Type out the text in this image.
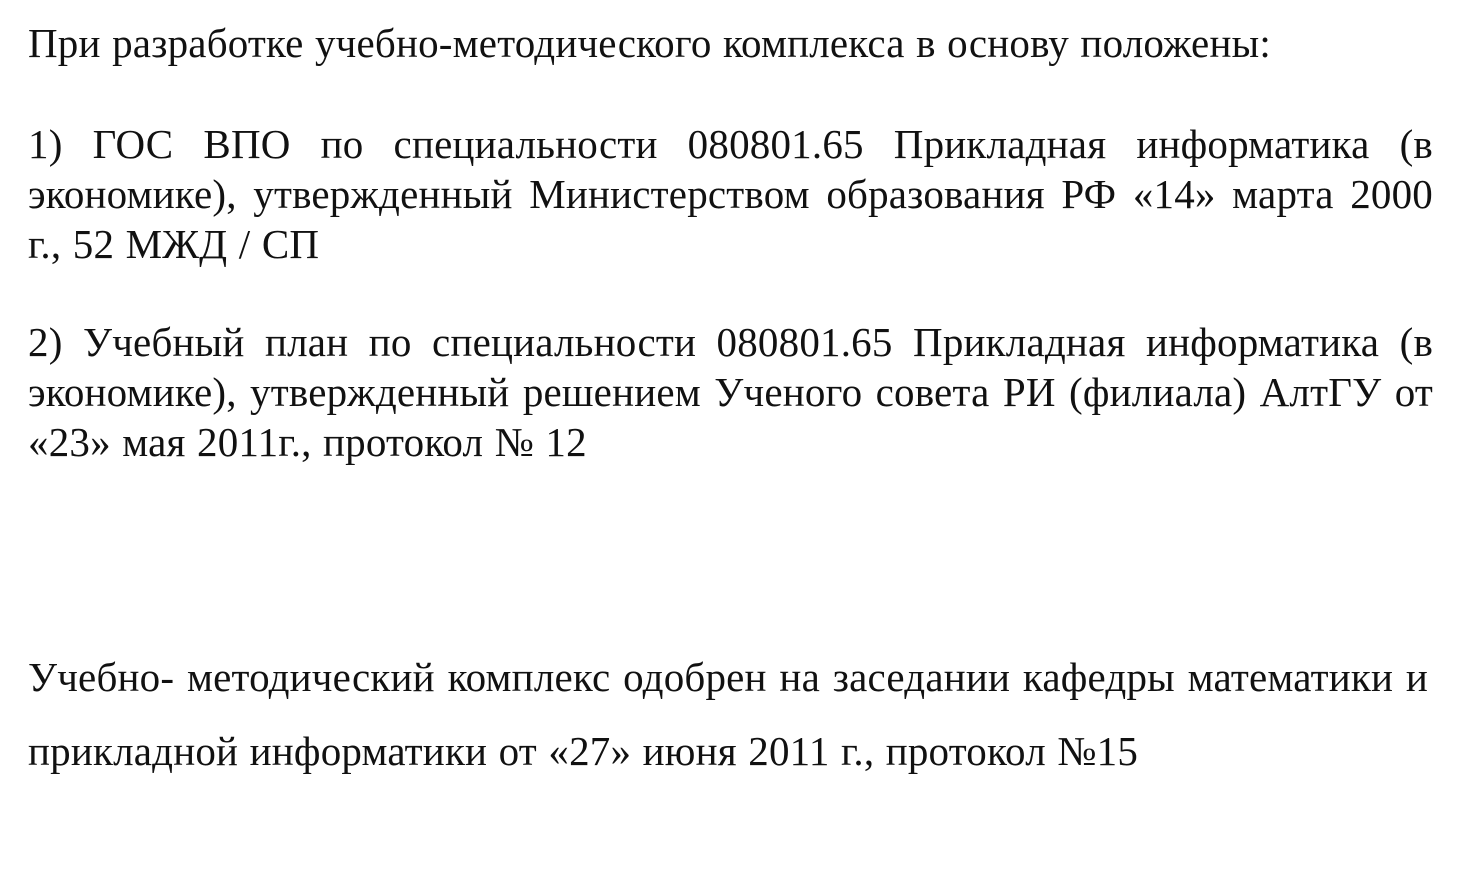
При разработке учебно-методического комплекса в основу положены:
1) ГОС ВПО по специальности 080801.65 Прикладная информатика (в экономике), утвержденный Министерством образования РФ «14» марта 2000 г., 52 МЖД / СП
2) Учебный план по специальности 080801.65 Прикладная информатика (в экономике), утвержденный решением Ученого совета РИ (филиала) АлтГУ от «23» мая 2011г., протокол № 12
Учебно- методический комплекс одобрен на заседании кафедры математики и прикладной информатики от «27» июня 2011 г., протокол №15
